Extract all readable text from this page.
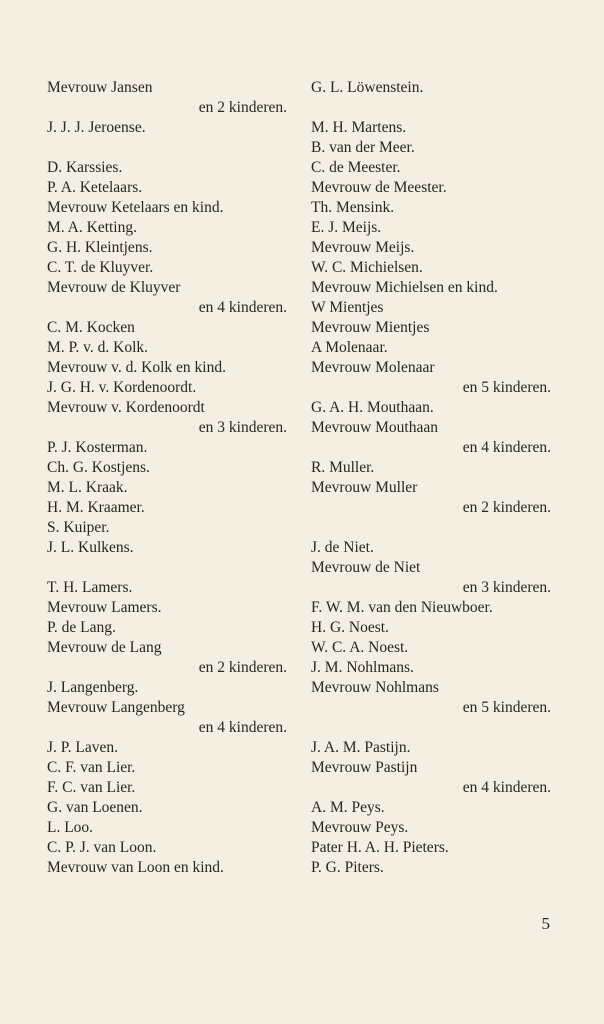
Mevrouw Jansen
en 2 kinderen.
J. J. J. Jeroense.
D. Karssies.
P. A. Ketelaars.
Mevrouw Ketelaars en kind.
M. A. Ketting.
G. H. Kleintjens.
C. T. de Kluyver.
Mevrouw de Kluyver
en 4 kinderen.
C. M. Kocken
M. P. v. d. Kolk.
Mevrouw v. d. Kolk en kind.
J. G. H. v. Kordenoordt.
Mevrouw v. Kordenoordt
en 3 kinderen.
P. J. Kosterman.
Ch. G. Kostjens.
M. L. Kraak.
H. M. Kraamer.
S. Kuiper.
J. L. Kulkens.
T. H. Lamers.
Mevrouw Lamers.
P. de Lang.
Mevrouw de Lang
en 2 kinderen.
J. Langenberg.
Mevrouw Langenberg
en 4 kinderen.
J. P. Laven.
C. F. van Lier.
F. C. van Lier.
G. van Loenen.
L. Loo.
C. P. J. van Loon.
Mevrouw van Loon en kind.
G. L. Löwenstein.
M. H. Martens.
B. van der Meer.
C. de Meester.
Mevrouw de Meester.
Th. Mensink.
E. J. Meijs.
Mevrouw Meijs.
W. C. Michielsen.
Mevrouw Michielsen en kind.
W Mientjes
Mevrouw Mientjes
A Molenaar.
Mevrouw Molenaar
en 5 kinderen.
G. A. H. Mouthaan.
Mevrouw Mouthaan
en 4 kinderen.
R. Muller.
Mevrouw Muller
en 2 kinderen.
J. de Niet.
Mevrouw de Niet
en 3 kinderen.
F. W. M. van den Nieuwboer.
H. G. Noest.
W. C. A. Noest.
J. M. Nohlmans.
Mevrouw Nohlmans
en 5 kinderen.
J. A. M. Pastijn.
Mevrouw Pastijn
en 4 kinderen.
A. M. Peys.
Mevrouw Peys.
Pater H. A. H. Pieters.
P. G. Piters.
5
